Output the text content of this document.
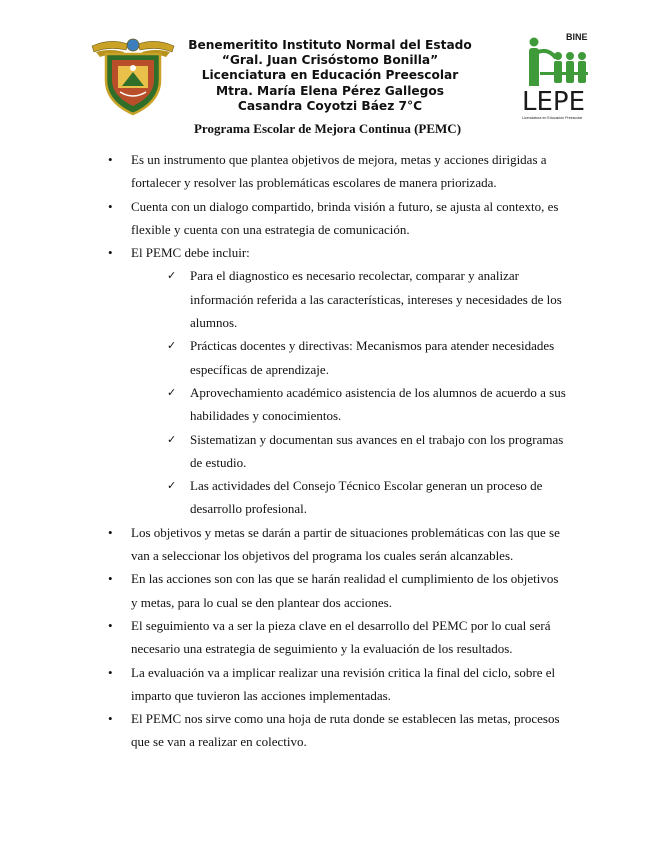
Benemeritito Instituto Normal del Estado
“Gral. Juan Crisóstomo Bonilla”
Licenciatura en Educación Preescolar
Mtra. María Elena Pérez Gallegos
Casandra Coyotzi Báez 7°C
BINE
LEPE
Licenciatura en Educación Preescolar
Programa Escolar de Mejora Continua (PEMC)
• Es un instrumento que plantea objetivos de mejora, metas y acciones dirigidas a fortalecer y resolver las problemáticas escolares de manera priorizada.
• Cuenta con un dialogo compartido, brinda visión a futuro, se ajusta al contexto, es flexible y cuenta con una estrategia de comunicación.
• El PEMC debe incluir:
✓ Para el diagnostico es necesario recolectar, comparar y analizar información referida a las características, intereses y necesidades de los alumnos.
✓ Prácticas docentes y directivas: Mecanismos para atender necesidades específicas de aprendizaje.
✓ Aprovechamiento académico asistencia de los alumnos de acuerdo a sus habilidades y conocimientos.
✓ Sistematizan y documentan sus avances en el trabajo con los programas de estudio.
✓ Las actividades del Consejo Técnico Escolar generan un proceso de desarrollo profesional.
• Los objetivos y metas se darán a partir de situaciones problemáticas con las que se van a seleccionar los objetivos del programa los cuales serán alcanzables.
• En las acciones son con las que se harán realidad el cumplimiento de los objetivos y metas, para lo cual se den plantear dos acciones.
• El seguimiento va a ser la pieza clave en el desarrollo del PEMC por lo cual será necesario una estrategia de seguimiento y la evaluación de los resultados.
• La evaluación va a implicar realizar una revisión critica la final del ciclo, sobre el imparto que tuvieron las acciones implementadas.
• El PEMC nos sirve como una hoja de ruta donde se establecen las metas, procesos que se van a realizar en colectivo.
